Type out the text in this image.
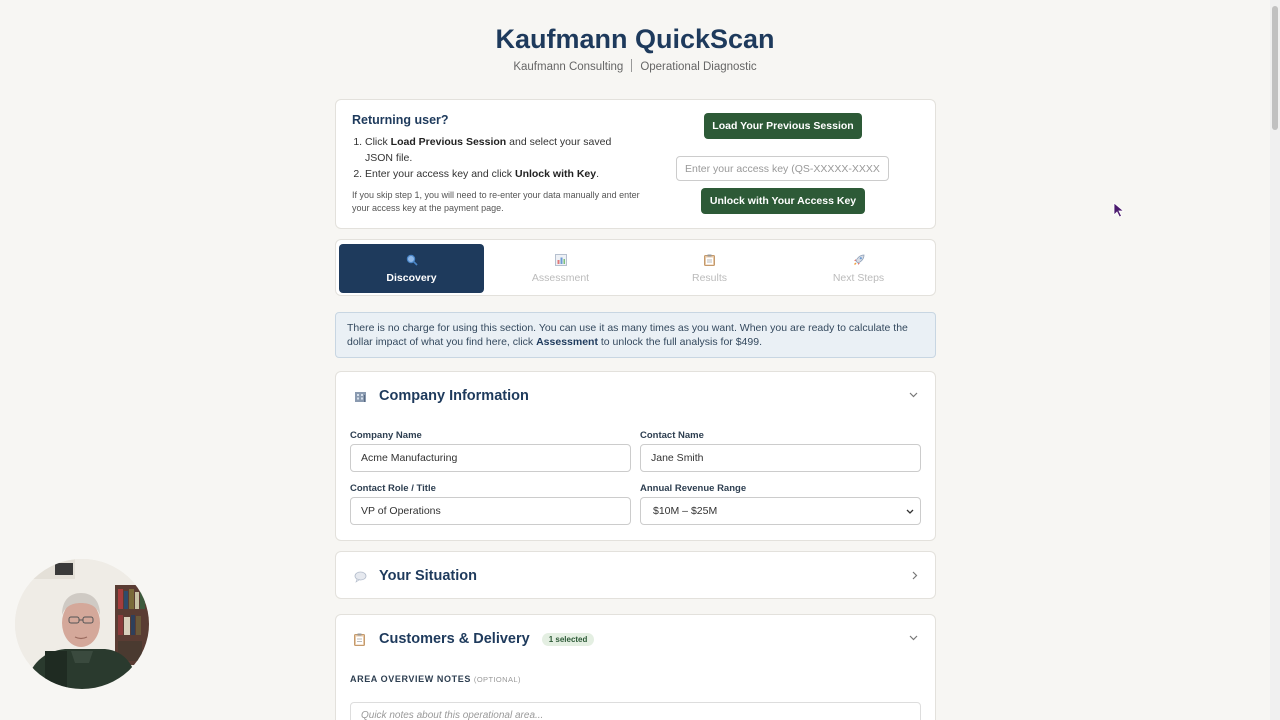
Kaufmann QuickScan
Kaufmann Consulting Operational Diagnostic
Returning user?
1. Click Load Previous Session and select your saved JSON file.
2. Enter your access key and click Unlock with Key.
If you skip step 1, you will need to re-enter your data manually and enter your access key at the payment page.
Load Your Previous Session
Enter your access key (QS-XXXXX-XXXXX)
Unlock with Your Access Key
Discovery	Assessment	Results	Next Steps
There is no charge for using this section. You can use it as many times as you want. When you are ready to calculate the dollar impact of what you find here, click Assessment to unlock the full analysis for $499.
Company Information
Company Name
Acme Manufacturing
Contact Name
Jane Smith
Contact Role / Title
VP of Operations
Annual Revenue Range
$10M – $25M
Your Situation
Customers & Delivery	1 selected
AREA OVERVIEW NOTES (OPTIONAL)
Quick notes about this operational area...
